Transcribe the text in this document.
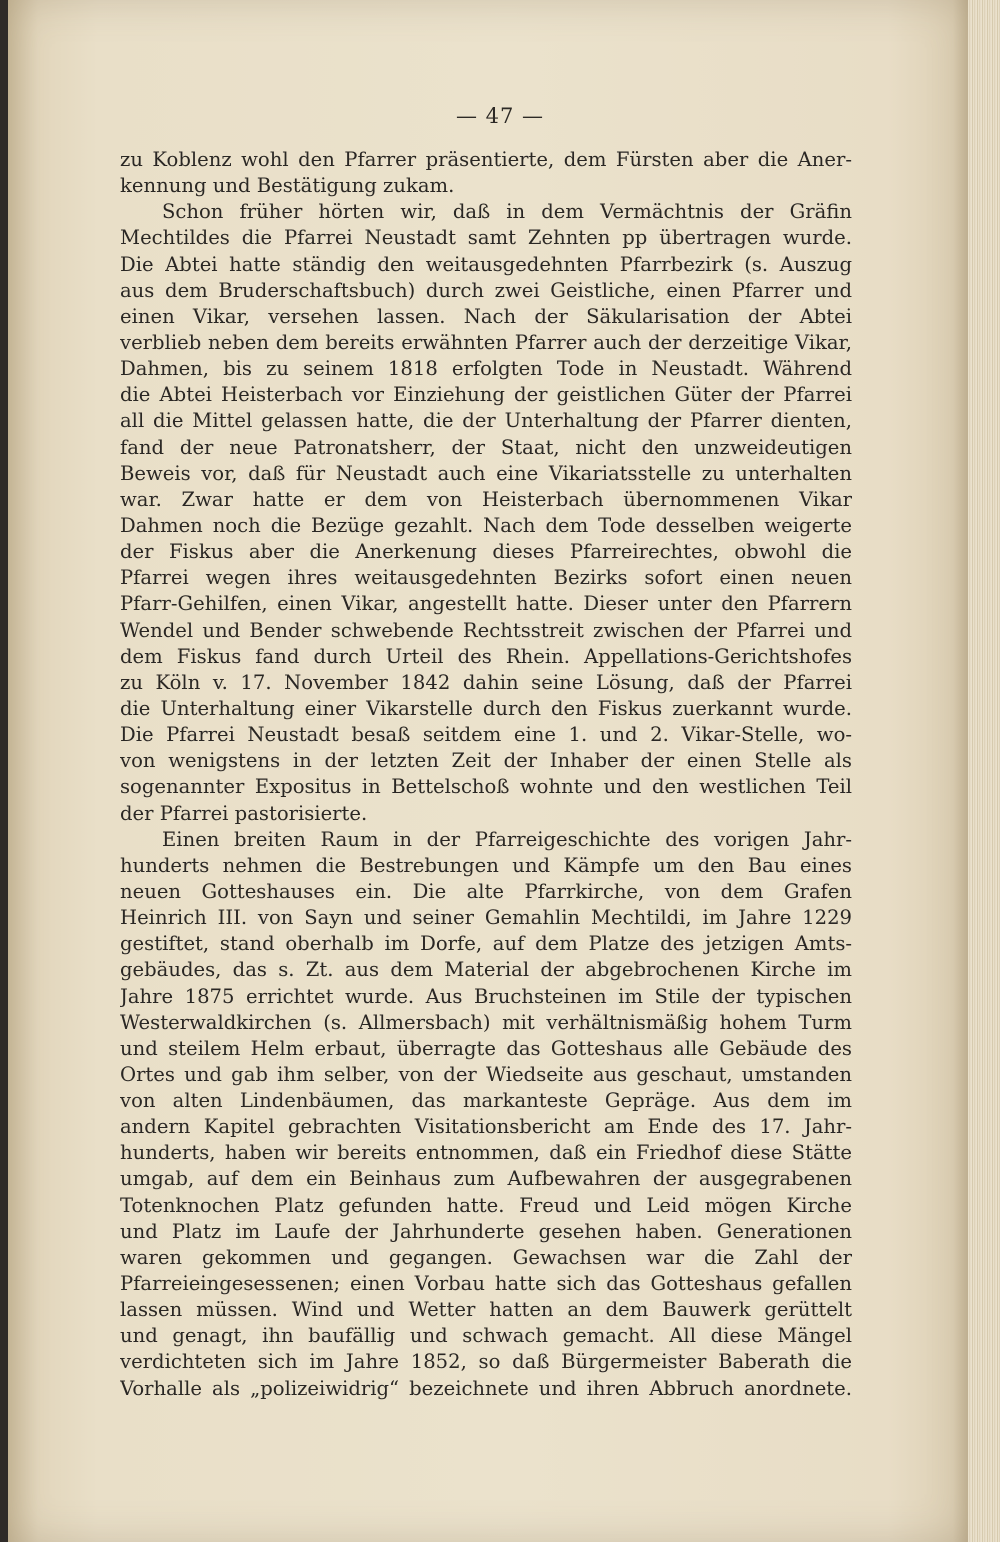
— 47 —
zu Koblenz wohl den Pfarrer präsentierte, dem Fürsten aber die Aner-
kennung und Bestätigung zukam.
Schon früher hörten wir, daß in dem Vermächtnis der Gräfin
Mechtildes die Pfarrei Neustadt samt Zehnten pp übertragen wurde.
Die Abtei hatte ständig den weitausgedehnten Pfarrbezirk (s. Auszug
aus dem Bruderschaftsbuch) durch zwei Geistliche, einen Pfarrer und
einen Vikar, versehen lassen. Nach der Säkularisation der Abtei
verblieb neben dem bereits erwähnten Pfarrer auch der derzeitige Vikar,
Dahmen, bis zu seinem 1818 erfolgten Tode in Neustadt. Während
die Abtei Heisterbach vor Einziehung der geistlichen Güter der Pfarrei
all die Mittel gelassen hatte, die der Unterhaltung der Pfarrer dienten,
fand der neue Patronatsherr, der Staat, nicht den unzweideutigen
Beweis vor, daß für Neustadt auch eine Vikariatsstelle zu unterhalten
war. Zwar hatte er dem von Heisterbach übernommenen Vikar
Dahmen noch die Bezüge gezahlt. Nach dem Tode desselben weigerte
der Fiskus aber die Anerkenung dieses Pfarreirechtes, obwohl die
Pfarrei wegen ihres weitausgedehnten Bezirks sofort einen neuen
Pfarr-Gehilfen, einen Vikar, angestellt hatte. Dieser unter den Pfarrern
Wendel und Bender schwebende Rechtsstreit zwischen der Pfarrei und
dem Fiskus fand durch Urteil des Rhein. Appellations-Gerichtshofes
zu Köln v. 17. November 1842 dahin seine Lösung, daß der Pfarrei
die Unterhaltung einer Vikarstelle durch den Fiskus zuerkannt wurde.
Die Pfarrei Neustadt besaß seitdem eine 1. und 2. Vikar-Stelle, wo-
von wenigstens in der letzten Zeit der Inhaber der einen Stelle als
sogenannter Expositus in Bettelschoß wohnte und den westlichen Teil
der Pfarrei pastorisierte.
Einen breiten Raum in der Pfarreigeschichte des vorigen Jahr-
hunderts nehmen die Bestrebungen und Kämpfe um den Bau eines
neuen Gotteshauses ein. Die alte Pfarrkirche, von dem Grafen
Heinrich III. von Sayn und seiner Gemahlin Mechtildi, im Jahre 1229
gestiftet, stand oberhalb im Dorfe, auf dem Platze des jetzigen Amts-
gebäudes, das s. Zt. aus dem Material der abgebrochenen Kirche im
Jahre 1875 errichtet wurde. Aus Bruchsteinen im Stile der typischen
Westerwaldkirchen (s. Allmersbach) mit verhältnismäßig hohem Turm
und steilem Helm erbaut, überragte das Gotteshaus alle Gebäude des
Ortes und gab ihm selber, von der Wiedseite aus geschaut, umstanden
von alten Lindenbäumen, das markanteste Gepräge. Aus dem im
andern Kapitel gebrachten Visitationsbericht am Ende des 17. Jahr-
hunderts, haben wir bereits entnommen, daß ein Friedhof diese Stätte
umgab, auf dem ein Beinhaus zum Aufbewahren der ausgegrabenen
Totenknochen Platz gefunden hatte. Freud und Leid mögen Kirche
und Platz im Laufe der Jahrhunderte gesehen haben. Generationen
waren gekommen und gegangen. Gewachsen war die Zahl der
Pfarreieingesessenen; einen Vorbau hatte sich das Gotteshaus gefallen
lassen müssen. Wind und Wetter hatten an dem Bauwerk gerüttelt
und genagt, ihn baufällig und schwach gemacht. All diese Mängel
verdichteten sich im Jahre 1852, so daß Bürgermeister Baberath die
Vorhalle als „polizeiwidrig“ bezeichnete und ihren Abbruch anordnete.
